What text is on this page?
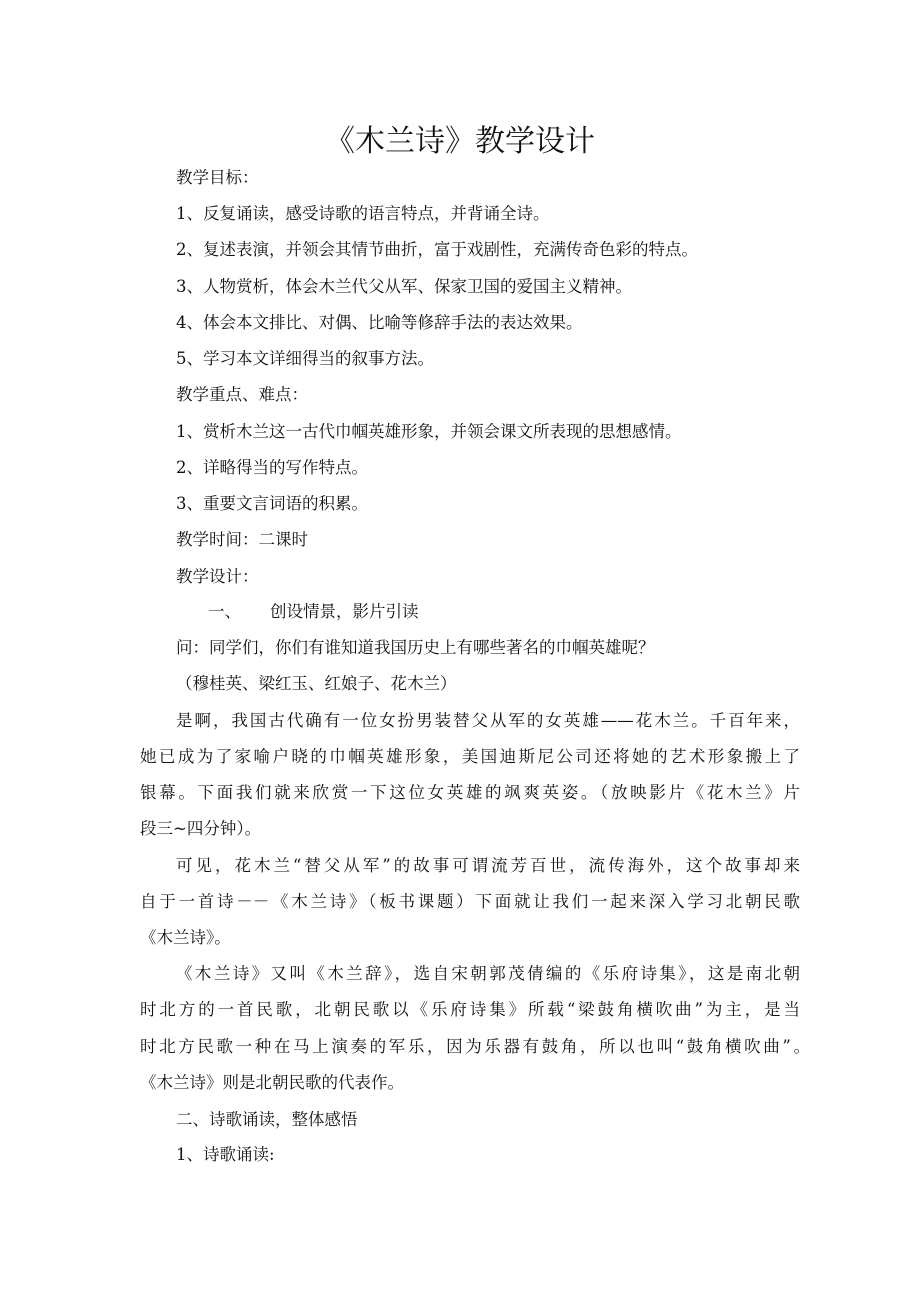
《木兰诗》教学设计
教学目标：
1、反复诵读，感受诗歌的语言特点，并背诵全诗。
2、复述表演，并领会其情节曲折，富于戏剧性，充满传奇色彩的特点。
3、人物赏析，体会木兰代父从军、保家卫国的爱国主义精神。
4、体会本文排比、对偶、比喻等修辞手法的表达效果。
5、学习本文详细得当的叙事方法。
教学重点、难点：
1、赏析木兰这一古代巾帼英雄形象，并领会课文所表现的思想感情。
2、详略得当的写作特点。
3、重要文言词语的积累。
教学时间：二课时
教学设计：
一、 创设情景，影片引读
问：同学们，你们有谁知道我国历史上有哪些著名的巾帼英雄呢？
（穆桂英、梁红玉、红娘子、花木兰）
是啊，我国古代确有一位女扮男装替父从军的女英雄——花木兰。千百年来，
她已成为了家喻户晓的巾帼英雄形象，美国迪斯尼公司还将她的艺术形象搬上了
银幕。下面我们就来欣赏一下这位女英雄的飒爽英姿。（放映影片《花木兰》片
段三~四分钟）。
可见，花木兰“替父从军”的故事可谓流芳百世，流传海外，这个故事却来
自于一首诗－－《木兰诗》（板书课题）下面就让我们一起来深入学习北朝民歌
《木兰诗》。
《木兰诗》又叫《木兰辞》，选自宋朝郭茂倩编的《乐府诗集》，这是南北朝
时北方的一首民歌，北朝民歌以《乐府诗集》所载“梁鼓角横吹曲”为主，是当
时北方民歌一种在马上演奏的军乐，因为乐器有鼓角，所以也叫“鼓角横吹曲”。
《木兰诗》则是北朝民歌的代表作。
二、诗歌诵读，整体感悟
1、诗歌诵读:
